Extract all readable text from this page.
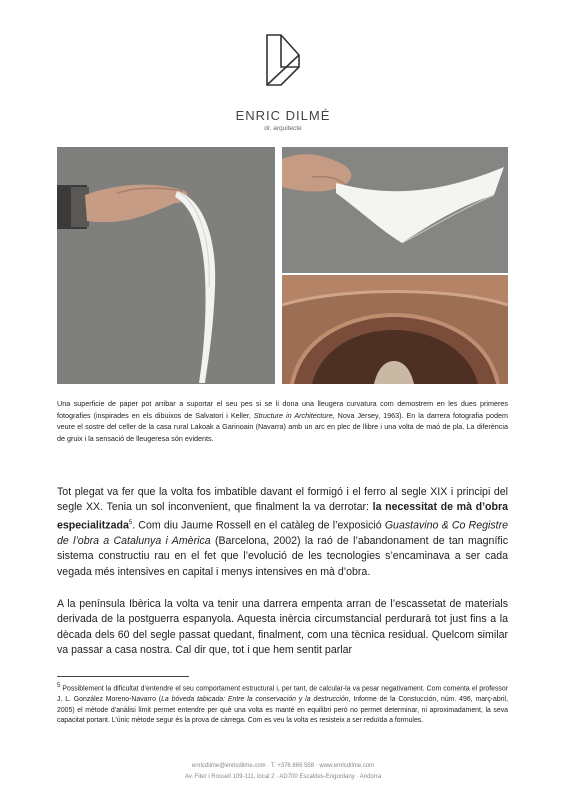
ENRIC DILMÉ
dr. arquitecte
Una superficie de paper pot arribar a suportar el seu pes si se li dona una lleugera curvatura com demostrem en les dues primeres fotografies (inspirades en els dibuixos de Salvatori i Keller, Structure in Architecture, Nova Jersey, 1963). En la darrera fotografia podem veure el sostre del celler de la casa rural Lakoak a Garinoain (Navarra) amb un arc en plec de llibre i una volta de maó de pla. La diferència de gruix i la sensació de lleugeresa són evidents.
Tot plegat va fer que la volta fos imbatible davant el formigó i el ferro al segle XIX i principi del segle XX. Tenia un sol inconvenient, que finalment la va derrotar: la necessitat de mà d’obra especialitzada$^5$. Com diu Jaume Rossell en el catàleg de l’exposició Guastavino & Co Registre de l’obra a Catalunya i Amèrica (Barcelona, 2002) la raó de l’abandonament de tan magnífic sistema constructiu rau en el fet que l’evolució de les tecnologies s’encaminava a ser cada vegada més intensives en capital i menys intensives en mà d’obra.
A la península Ibèrica la volta va tenir una darrera empenta arran de l’escassetat de materials derivada de la postguerra espanyola. Aquesta inèrcia circumstancial perdurarà tot just fins a la dècada dels 60 del segle passat quedant, finalment, com una tècnica residual. Quelcom similar va passar a casa nostra. Cal dir que, tot i que hem sentit parlar
5 Possiblement la dificultat d’entendre el seu comportament estructural i, per tant, de calcular-la va pesar negativament. Com comenta el professor J. L. González Moreno-Navarro (La bóveda tabicada: Entre la conservación y la destrucción, Informe de la Constucción, núm. 496, març-abril, 2005) el mètode d’anàlisi límit permet entendre per què una volta es manté en equilibri però no permet determinar, ni aproximadament, la seva capacitat portant. L’únic mètode segur és la prova de càrrega. Com es veu la volta es resisteix a ser reduïda a formules.
enricdilme@enricdilme.com · T. +376 869 558 · www.enricdilme.com
Av. Fiter i Rossell 109-111, local 2 · AD700 Escaldes-Engordany · Andorra
